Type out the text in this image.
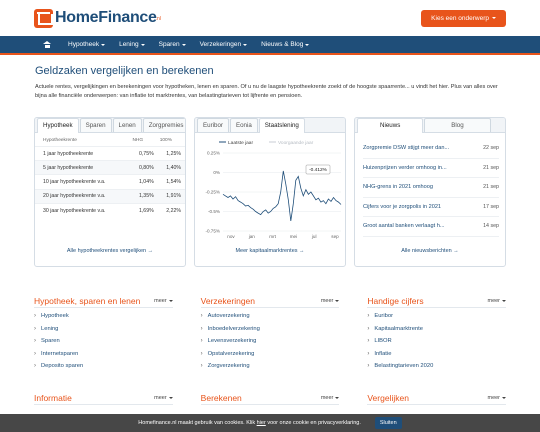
HomeFinance .nl	Kies een onderwerp
Hypotheek	Lening	Sparen	Verzekeringen	Nieuws & Blog
Geldzaken vergelijken en berekenen

Actuele rentes, vergelijkingen en berekeningen voor hypotheken, lenen en sparen. Of u nu de laagste hypotheekrente zoekt of de hoogste spaarrente... u vindt het hier. Plus van alles over bijna alle financiële onderwerpen: van inflatie tot marktrentes, van belastingtarieven tot lijfrente en pensioen.

Hypotheek	Sparen	Lenen	Zorgpremies
Hypotheekrente	NHG	100%
1 jaar hypotheekrente	0,75%	1,25%
5 jaar hypotheekrente	0,80%	1,40%
10 jaar hypotheekrente v.a.	1,04%	1,54%
20 jaar hypotheekrente v.a.	1,35%	1,91%
30 jaar hypotheekrente v.a.	1,69%	2,22%
Alle hypotheekrentes vergelijken →
Euribor	Eonia	Staatslening
Laatste jaar	Voorgaande jaar
0.25%
0%
-0.25%
-0.5%
-0.75%
nov	jan	mrt	mei	jul	sep
-0.412%
Meer kapitaalmarktrentes →
Nieuws	Blog
Zorgpremie DSW stijgt meer dan...	22 sep
Huizenprijzen verder omhoog in...	21 sep
NHG-grens in 2021 omhoog	21 sep
Cijfers voor je zorgpolis in 2021	17 sep
Groot aantal banken verlaagt h...	14 sep
Alle nieuwsberichten →
Hypotheek, sparen en lenen	meer
› Hypotheek
› Lening
› Sparen
› Internetsparen
› Deposito sparen
Verzekeringen	meer
› Autoverzekering
› Inboedelverzekering
› Levensverzekering
› Opstalverzekering
› Zorgverzekering
Handige cijfers	meer
› Euribor
› Kapitaalmarktrente
› LIBOR
› Inflatie
› Belastingtarieven 2020
Informatie	meer	Berekenen	meer	Vergelijken	meer
Homefinance.nl maakt gebruik van cookies. Klik hier voor onze cookie en privacyverklaring.	Sluiten
